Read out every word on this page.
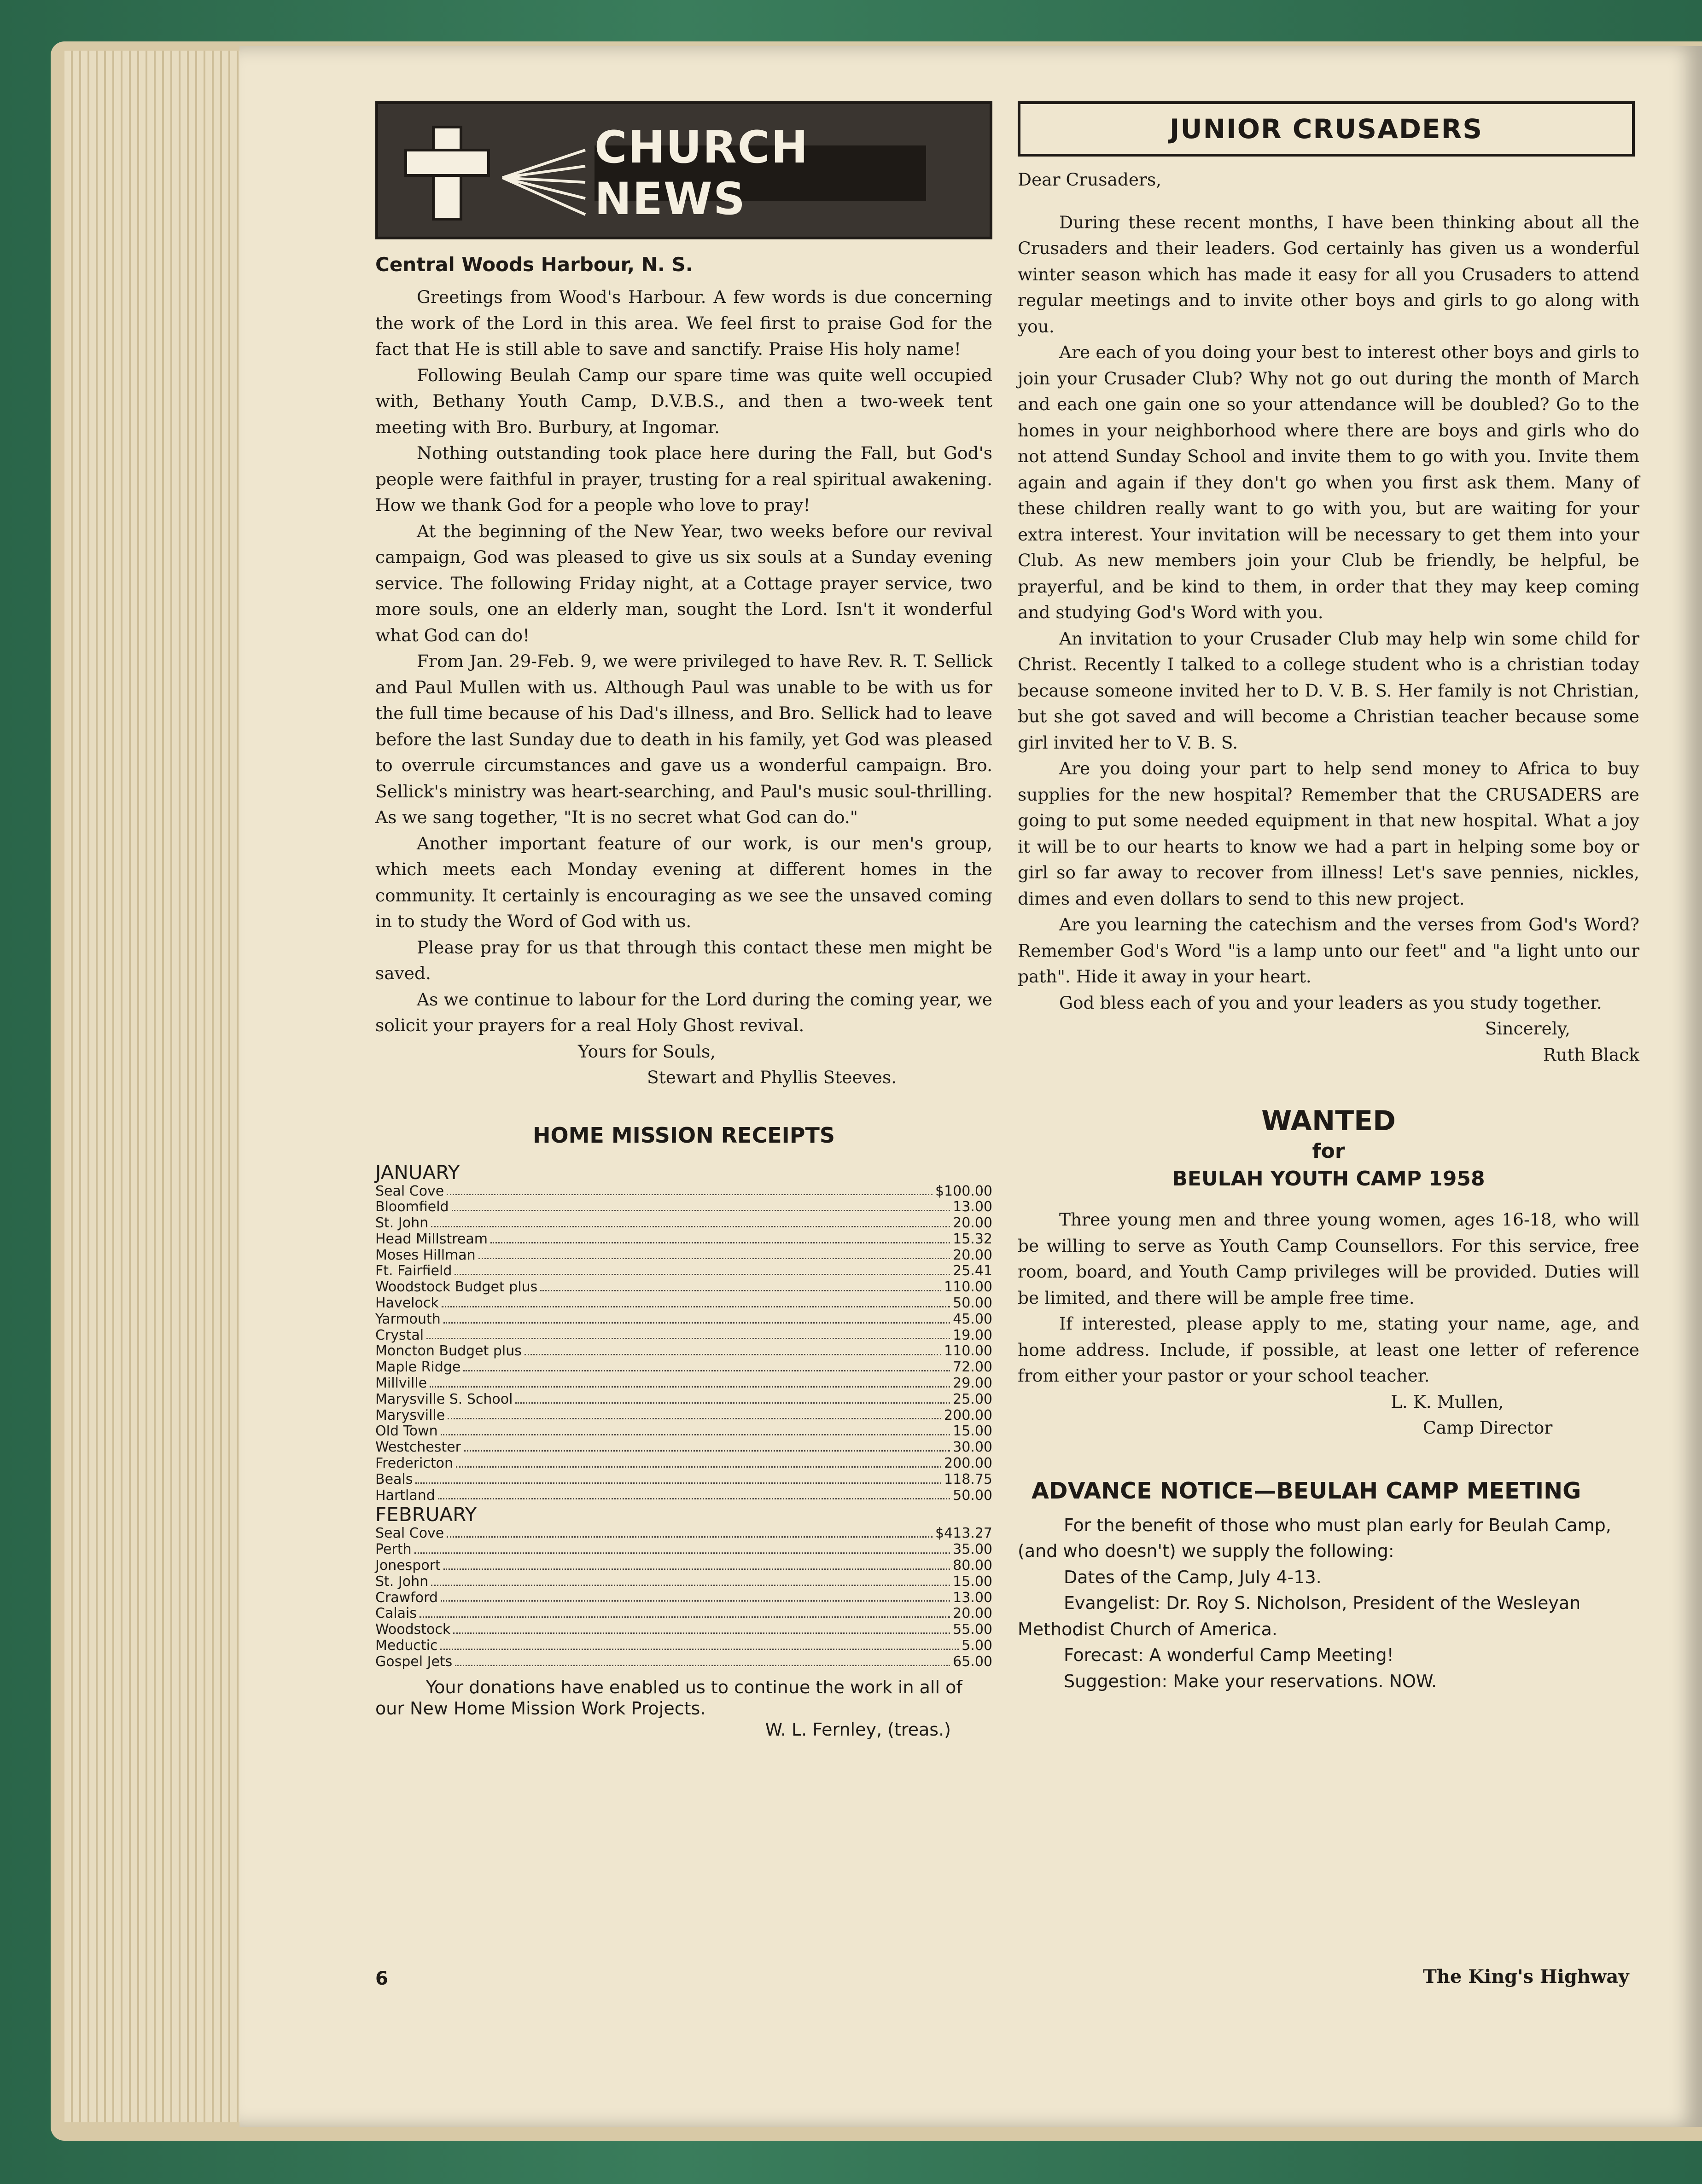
CHURCH NEWS
Central Woods Harbour, N. S.

Greetings from Wood's Harbour. A few words is due concerning the work of the Lord in this area. We feel first to praise God for the fact that He is still able to save and sanctify. Praise His holy name!

Following Beulah Camp our spare time was quite well occupied with, Bethany Youth Camp, D.V.B.S., and then a two-week tent meeting with Bro. Burbury, at Ingomar.

Nothing outstanding took place here during the Fall, but God's people were faithful in prayer, trusting for a real spiritual awakening. How we thank God for a people who love to pray!

At the beginning of the New Year, two weeks before our revival campaign, God was pleased to give us six souls at a Sunday evening service. The following Friday night, at a Cottage prayer service, two more souls, one an elderly man, sought the Lord. Isn't it wonderful what God can do!

From Jan. 29-Feb. 9, we were privileged to have Rev. R. T. Sellick and Paul Mullen with us. Although Paul was unable to be with us for the full time because of his Dad's illness, and Bro. Sellick had to leave before the last Sunday due to death in his family, yet God was pleased to overrule circumstances and gave us a wonderful campaign. Bro. Sellick's ministry was heart-searching, and Paul's music soul-thrilling. As we sang together, "It is no secret what God can do."

Another important feature of our work, is our men's group, which meets each Monday evening at different homes in the community. It certainly is encouraging as we see the unsaved coming in to study the Word of God with us.

Please pray for us that through this contact these men might be saved.

As we continue to labour for the Lord during the coming year, we solicit your prayers for a real Holy Ghost revival.

Yours for Souls,
Stewart and Phyllis Steeves.
HOME MISSION RECEIPTS
JANUARY
Seal Cove	$100.00
Bloomfield	13.00
St. John	20.00
Head Millstream	15.32
Moses Hillman	20.00
Ft. Fairfield	25.41
Woodstock Budget plus	110.00
Havelock	50.00
Yarmouth	45.00
Crystal	19.00
Moncton Budget plus	110.00
Maple Ridge	72.00
Millville	29.00
Marysville S. School	25.00
Marysville	200.00
Old Town	15.00
Westchester	30.00
Fredericton	200.00
Beals	118.75
Hartland	50.00
FEBRUARY
Seal Cove	$413.27
Perth	35.00
Jonesport	80.00
St. John	15.00
Crawford	13.00
Calais	20.00
Woodstock	55.00
Meductic	5.00
Gospel Jets	65.00

Your donations have enabled us to continue the work in all of our New Home Mission Work Projects.

W. L. Fernley, (treas.)
6
JUNIOR CRUSADERS
Dear Crusaders,

During these recent months, I have been thinking about all the Crusaders and their leaders. God certainly has given us a wonderful winter season which has made it easy for all you Crusaders to attend regular meetings and to invite other boys and girls to go along with you.

Are each of you doing your best to interest other boys and girls to join your Crusader Club? Why not go out during the month of March and each one gain one so your attendance will be doubled? Go to the homes in your neighborhood where there are boys and girls who do not attend Sunday School and invite them to go with you. Invite them again and again if they don't go when you first ask them. Many of these children really want to go with you, but are waiting for your extra interest. Your invitation will be necessary to get them into your Club. As new members join your Club be friendly, be helpful, be prayerful, and be kind to them, in order that they may keep coming and studying God's Word with you.

An invitation to your Crusader Club may help win some child for Christ. Recently I talked to a college student who is a christian today because someone invited her to D. V. B. S. Her family is not Christian, but she got saved and will become a Christian teacher because some girl invited her to V. B. S.

Are you doing your part to help send money to Africa to buy supplies for the new hospital? Remember that the CRUSADERS are going to put some needed equipment in that new hospital. What a joy it will be to our hearts to know we had a part in helping some boy or girl so far away to recover from illness! Let's save pennies, nickles, dimes and even dollars to send to this new project.

Are you learning the catechism and the verses from God's Word? Remember God's Word "is a lamp unto our feet" and "a light unto our path". Hide it away in your heart.

God bless each of you and your leaders as you study together.

Sincerely,
Ruth Black
WANTED
for
BEULAH YOUTH CAMP 1958

Three young men and three young women, ages 16-18, who will be willing to serve as Youth Camp Counsellors. For this service, free room, board, and Youth Camp privileges will be provided. Duties will be limited, and there will be ample free time.

If interested, please apply to me, stating your name, age, and home address. Include, if possible, at least one letter of reference from either your pastor or your school teacher.

L. K. Mullen,
Camp Director
ADVANCE NOTICE—BEULAH CAMP MEETING

For the benefit of those who must plan early for Beulah Camp, (and who doesn't) we supply the following:

Dates of the Camp, July 4-13.

Evangelist: Dr. Roy S. Nicholson, President of the Wesleyan Methodist Church of America.

Forecast: A wonderful Camp Meeting!

Suggestion: Make your reservations. NOW.

The King's Highway
